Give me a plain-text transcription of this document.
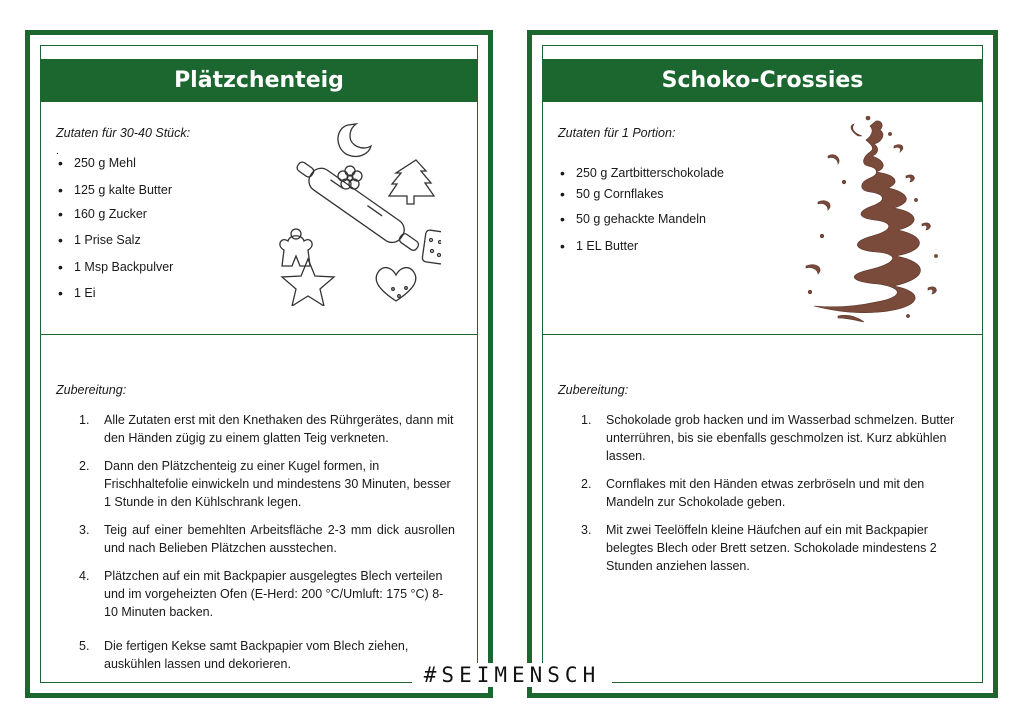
Plätzchenteig
Zutaten für 30-40 Stück:
.
• 250 g Mehl
• 125 g kalte Butter
• 160 g Zucker
• 1 Prise Salz
• 1 Msp Backpulver
• 1 Ei
Zubereitung:
1. Alle Zutaten erst mit den Knethaken des Rührgerätes, dann mit den Händen zügig zu einem glatten Teig verkneten.
2. Dann den Plätzchenteig zu einer Kugel formen, in Frischhaltefolie einwickeln und mindestens 30 Minuten, besser 1 Stunde in den Kühlschrank legen.
3. Teig auf einer bemehlten Arbeitsfläche 2-3 mm dick ausrollen und nach Belieben Plätzchen ausstechen.
4. Plätzchen auf ein mit Backpapier ausgelegtes Blech verteilen und im vorgeheizten Ofen (E-Herd: 200 °C/Umluft: 175 °C) 8-10 Minuten backen.
5. Die fertigen Kekse samt Backpapier vom Blech ziehen, auskühlen lassen und dekorieren.
Schoko-Crossies
Zutaten für 1 Portion:
• 250 g Zartbitterschokolade
• 50 g Cornflakes
• 50 g gehackte Mandeln
• 1 EL Butter
Zubereitung:
1. Schokolade grob hacken und im Wasserbad schmelzen. Butter unterrühren, bis sie ebenfalls geschmolzen ist. Kurz abkühlen lassen.
2. Cornflakes mit den Händen etwas zerbröseln und mit den Mandeln zur Schokolade geben.
3. Mit zwei Teelöffeln kleine Häufchen auf ein mit Backpapier belegtes Blech oder Brett setzen. Schokolade mindestens 2 Stunden anziehen lassen.
#SEIMENSCH
